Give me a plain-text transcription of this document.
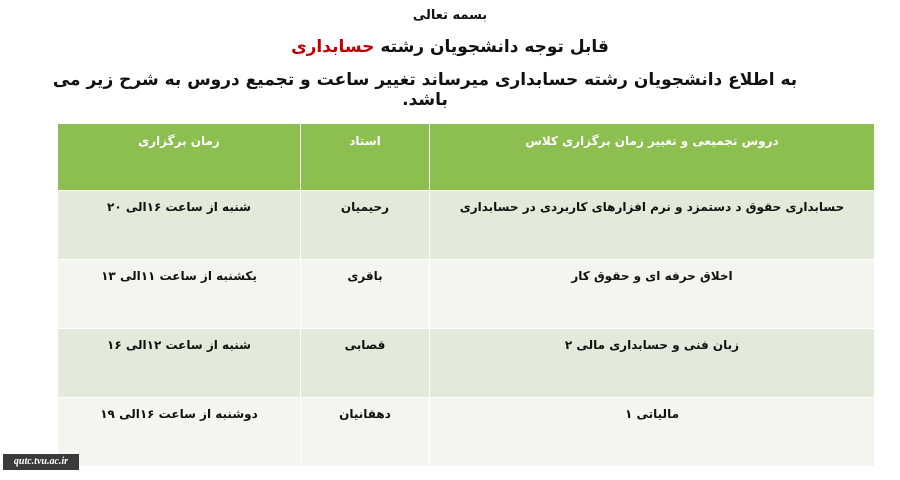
بسمه تعالی
قابل توجه دانشجویان رشته حسابداری
به اطلاع دانشجویان رشته حسابداری میرساند تغییر ساعت و تجمیع دروس به شرح زیر می باشد.
دروس تجمیعی و تغییر زمان برگزاری کلاس	استاد	زمان برگزاری
حسابداری حقوق د دستمزد و نرم افزارهای کاربردی در حسابداری	رحیمیان	شنبه از ساعت ۱۶الی ۲۰
اخلاق حرفه ای و حقوق کار	باقری	یکشنبه از ساعت ۱۱الی ۱۳
زبان فنی و حسابداری مالی ۲	قصابی	شنبه از ساعت ۱۲الی ۱۶
مالیاتی ۱	دهقانیان	دوشنبه از ساعت ۱۶الی ۱۹
qutc.tvu.ac.ir
